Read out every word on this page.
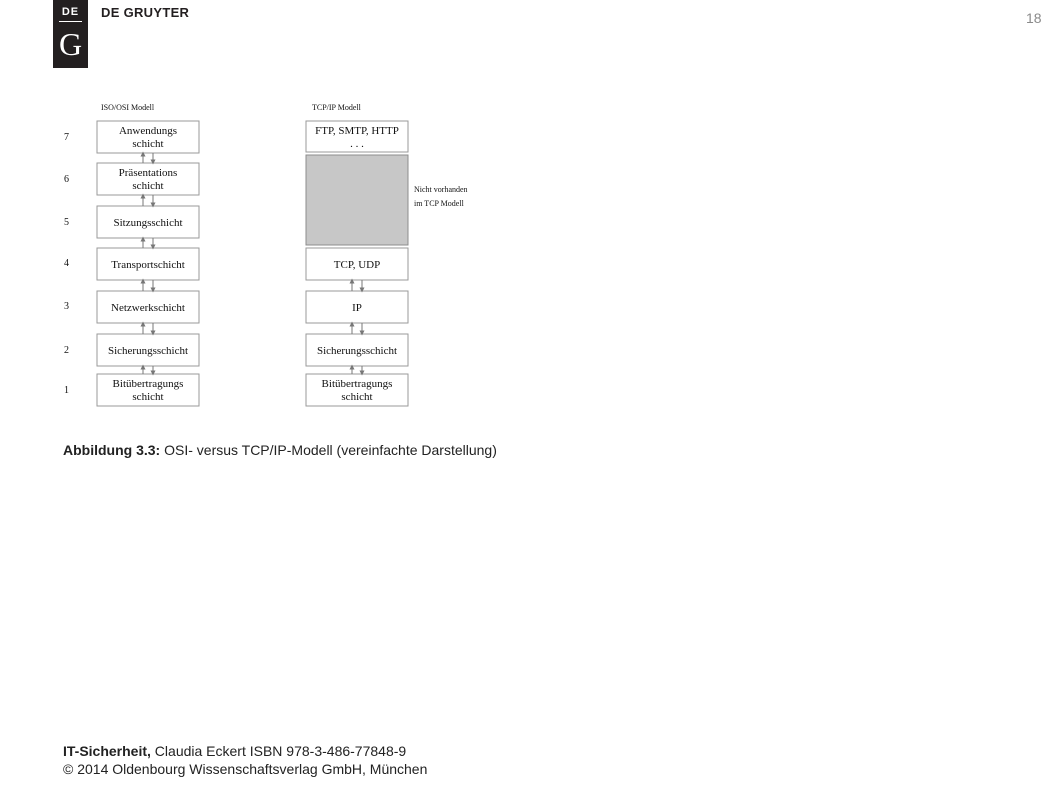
DE
G
DE GRUYTER	18
ISO/OSI Modell	TCP/IP Modell
7
6
5
4
3
2
1
Anwendungs
schicht
Präsentations
schicht
Sitzungsschicht
Transportschicht
Netzwerkschicht
Sicherungsschicht
Bitübertragungs
schicht
FTP, SMTP, HTTP
. . .
TCP, UDP
IP
Sicherungsschicht
Bitübertragungs
schicht
Nicht vorhanden
im TCP Modell
Abbildung 3.3: OSI- versus TCP/IP-Modell (vereinfachte Darstellung)
IT-Sicherheit, Claudia Eckert ISBN 978-3-486-77848-9
© 2014 Oldenbourg Wissenschaftsverlag GmbH, München
